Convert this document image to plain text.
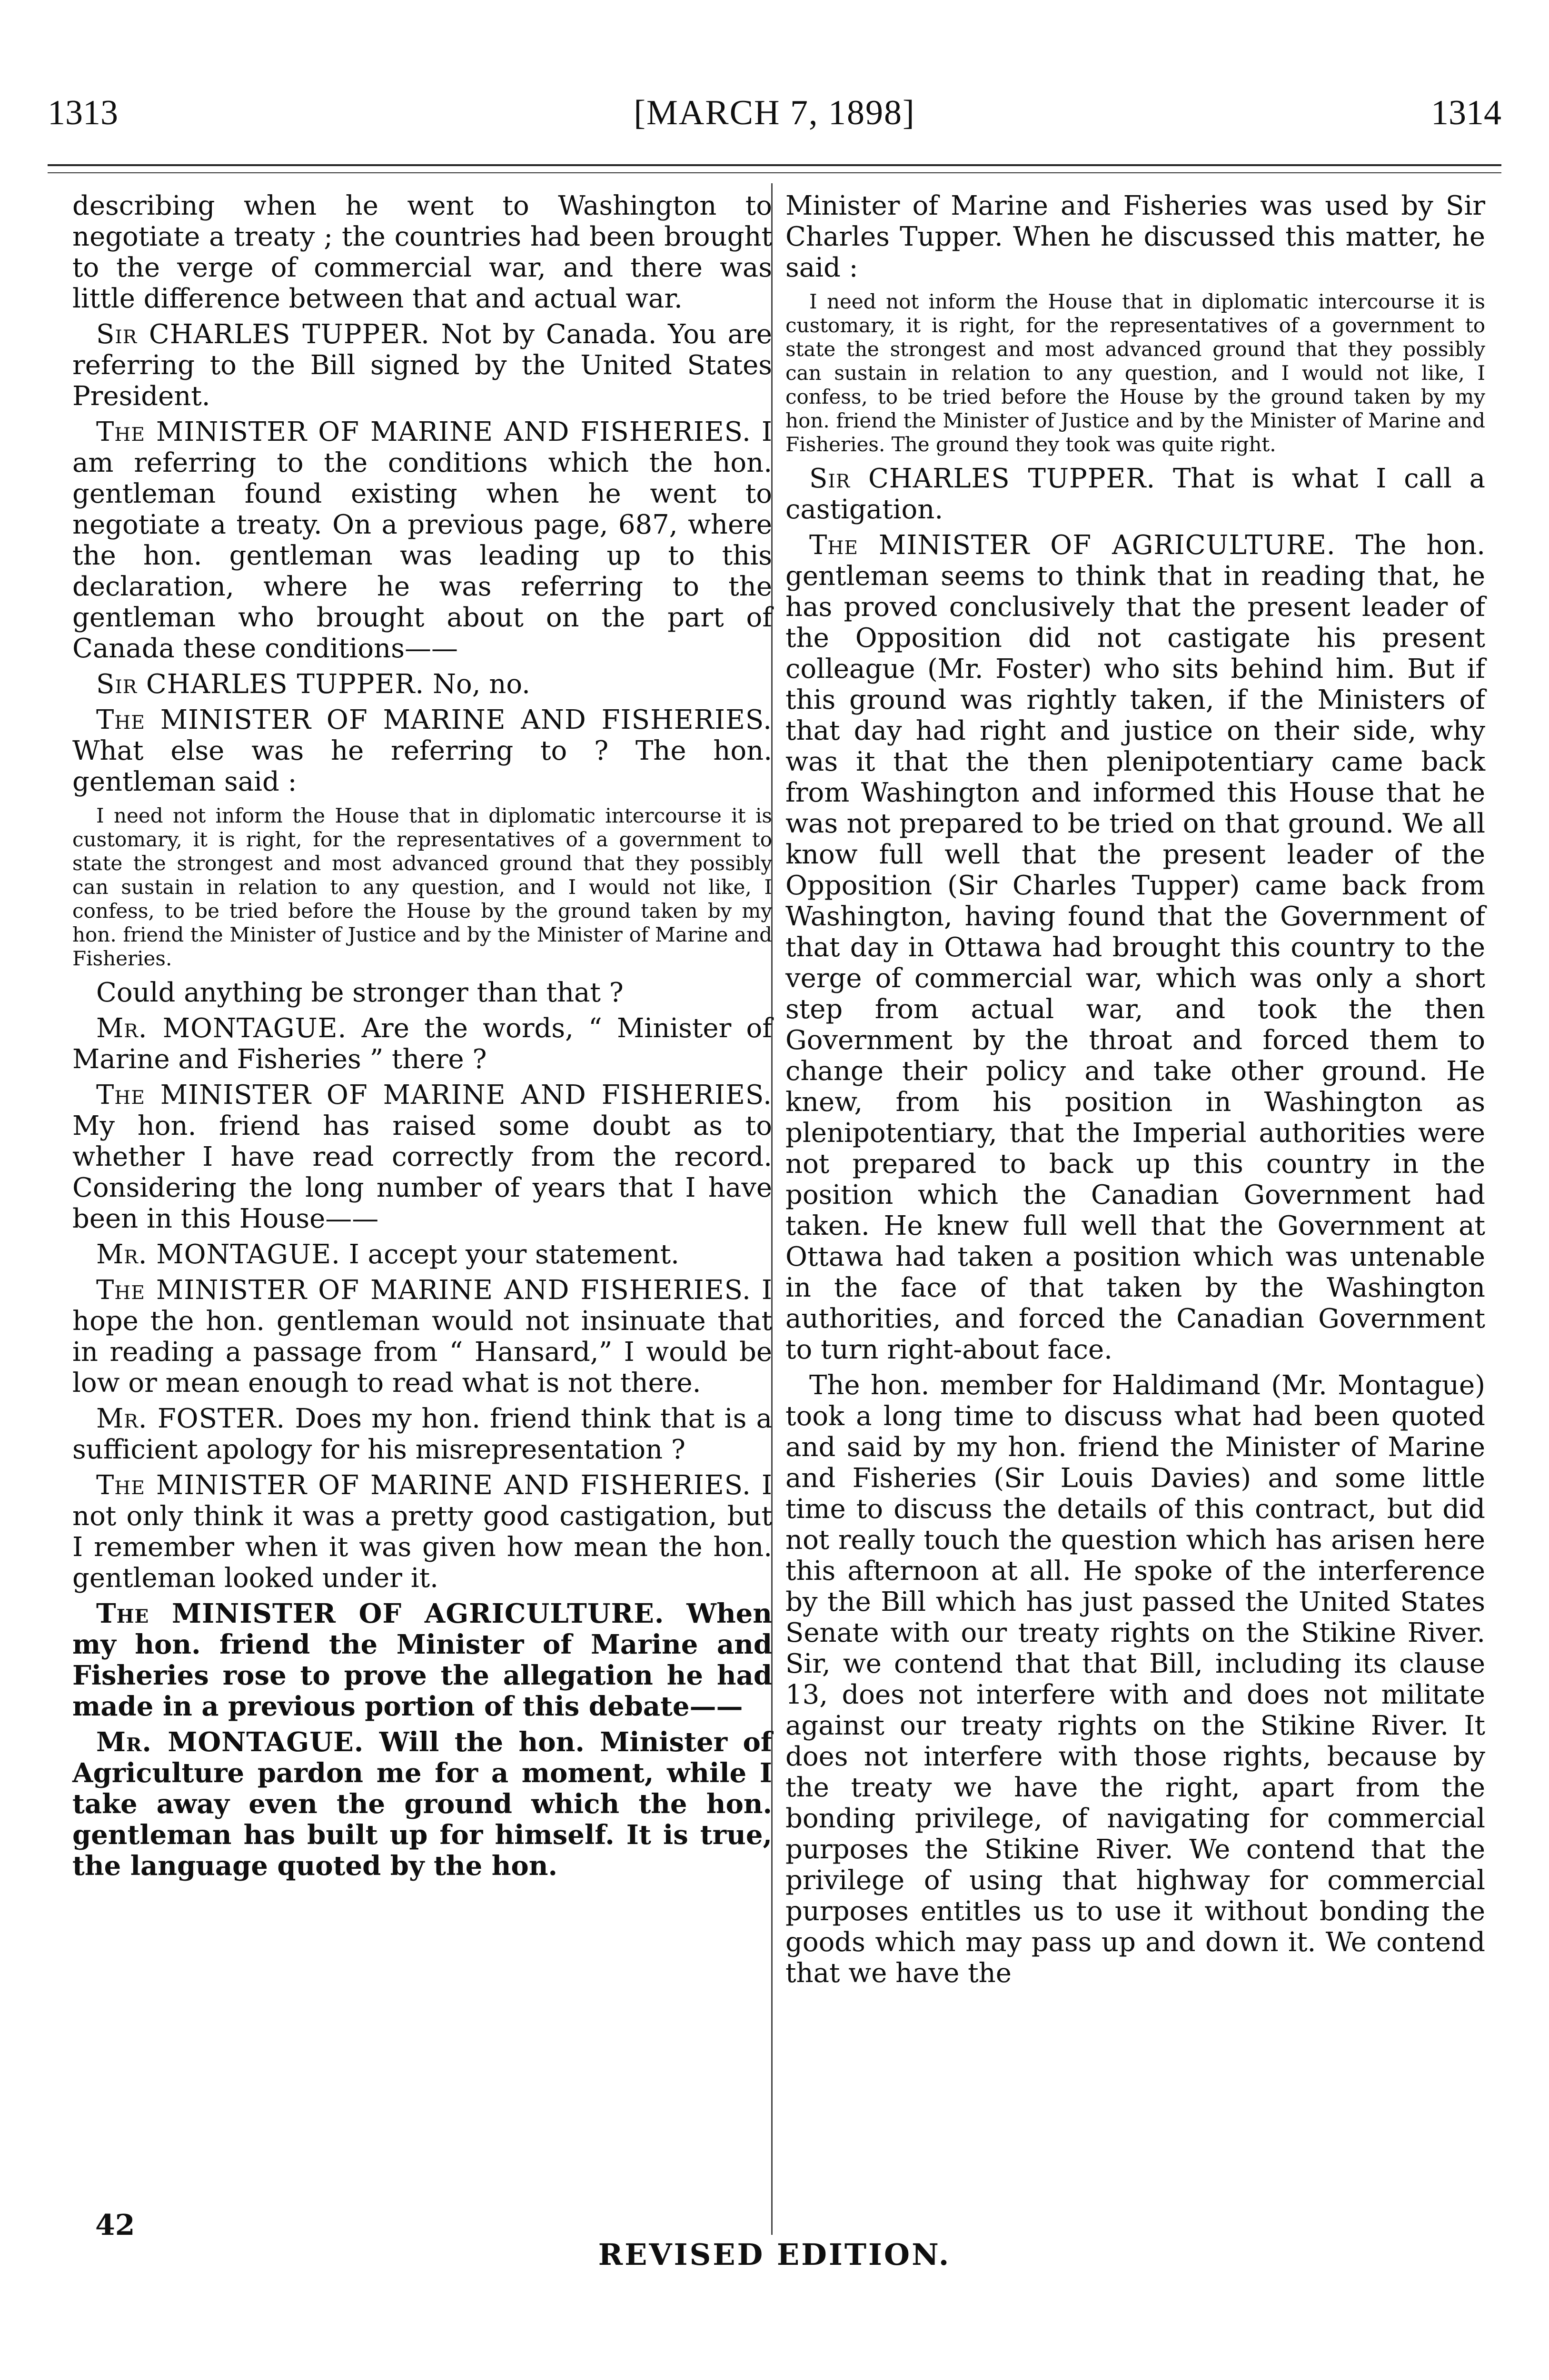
1313	[MARCH 7, 1898]	1314

describing when he went to Washington to negotiate a treaty ; the countries had been brought to the verge of commercial war, and there was little difference between that and actual war.

Sir CHARLES TUPPER. Not by Canada. You are referring to the Bill signed by the United States President.

The MINISTER OF MARINE AND FISHERIES. I am referring to the conditions which the hon. gentleman found existing when he went to negotiate a treaty. On a previous page, 687, where the hon. gentleman was leading up to this declaration, where he was referring to the gentleman who brought about on the part of Canada these conditions——

Sir CHARLES TUPPER. No, no.

The MINISTER OF MARINE AND FISHERIES. What else was he referring to ? The hon. gentleman said :

I need not inform the House that in diplomatic intercourse it is customary, it is right, for the representatives of a government to state the strongest and most advanced ground that they possibly can sustain in relation to any question, and I would not like, I confess, to be tried before the House by the ground taken by my hon. friend the Minister of Justice and by the Minister of Marine and Fisheries.

Could anything be stronger than that ?

Mr. MONTAGUE. Are the words, “ Minister of Marine and Fisheries ” there ?

The MINISTER OF MARINE AND FISHERIES. My hon. friend has raised some doubt as to whether I have read correctly from the record. Considering the long number of years that I have been in this House——

Mr. MONTAGUE. I accept your statement.

The MINISTER OF MARINE AND FISHERIES. I hope the hon. gentleman would not insinuate that in reading a passage from “ Hansard,” I would be low or mean enough to read what is not there.

Mr. FOSTER. Does my hon. friend think that is a sufficient apology for his misrepresentation ?

The MINISTER OF MARINE AND FISHERIES. I not only think it was a pretty good castigation, but I remember when it was given how mean the hon. gentleman looked under it.

The MINISTER OF AGRICULTURE. When my hon. friend the Minister of Marine and Fisheries rose to prove the allegation he had made in a previous portion of this debate——

Mr. MONTAGUE. Will the hon. Minister of Agriculture pardon me for a moment, while I take away even the ground which the hon. gentleman has built up for himself. It is true, the language quoted by the hon.

Minister of Marine and Fisheries was used by Sir Charles Tupper. When he discussed this matter, he said :

I need not inform the House that in diplomatic intercourse it is customary, it is right, for the representatives of a government to state the strongest and most advanced ground that they possibly can sustain in relation to any question, and I would not like, I confess, to be tried before the House by the ground taken by my hon. friend the Minister of Justice and by the Minister of Marine and Fisheries. The ground they took was quite right.

Sir CHARLES TUPPER. That is what I call a castigation.

The MINISTER OF AGRICULTURE. The hon. gentleman seems to think that in reading that, he has proved conclusively that the present leader of the Opposition did not castigate his present colleague (Mr. Foster) who sits behind him. But if this ground was rightly taken, if the Ministers of that day had right and justice on their side, why was it that the then plenipotentiary came back from Washington and informed this House that he was not prepared to be tried on that ground. We all know full well that the present leader of the Opposition (Sir Charles Tupper) came back from Washington, having found that the Government of that day in Ottawa had brought this country to the verge of commercial war, which was only a short step from actual war, and took the then Government by the throat and forced them to change their policy and take other ground. He knew, from his position in Washington as plenipotentiary, that the Imperial authorities were not prepared to back up this country in the position which the Canadian Government had taken. He knew full well that the Government at Ottawa had taken a position which was untenable in the face of that taken by the Washington authorities, and forced the Canadian Government to turn right-about face.

The hon. member for Haldimand (Mr. Montague) took a long time to discuss what had been quoted and said by my hon. friend the Minister of Marine and Fisheries (Sir Louis Davies) and some little time to discuss the details of this contract, but did not really touch the question which has arisen here this afternoon at all. He spoke of the interference by the Bill which has just passed the United States Senate with our treaty rights on the Stikine River. Sir, we contend that that Bill, including its clause 13, does not interfere with and does not militate against our treaty rights on the Stikine River. It does not interfere with those rights, because by the treaty we have the right, apart from the bonding privilege, of navigating for commercial purposes the Stikine River. We contend that the privilege of using that highway for commercial purposes entitles us to use it without bonding the goods which may pass up and down it. We contend that we have the

42
REVISED EDITION.
